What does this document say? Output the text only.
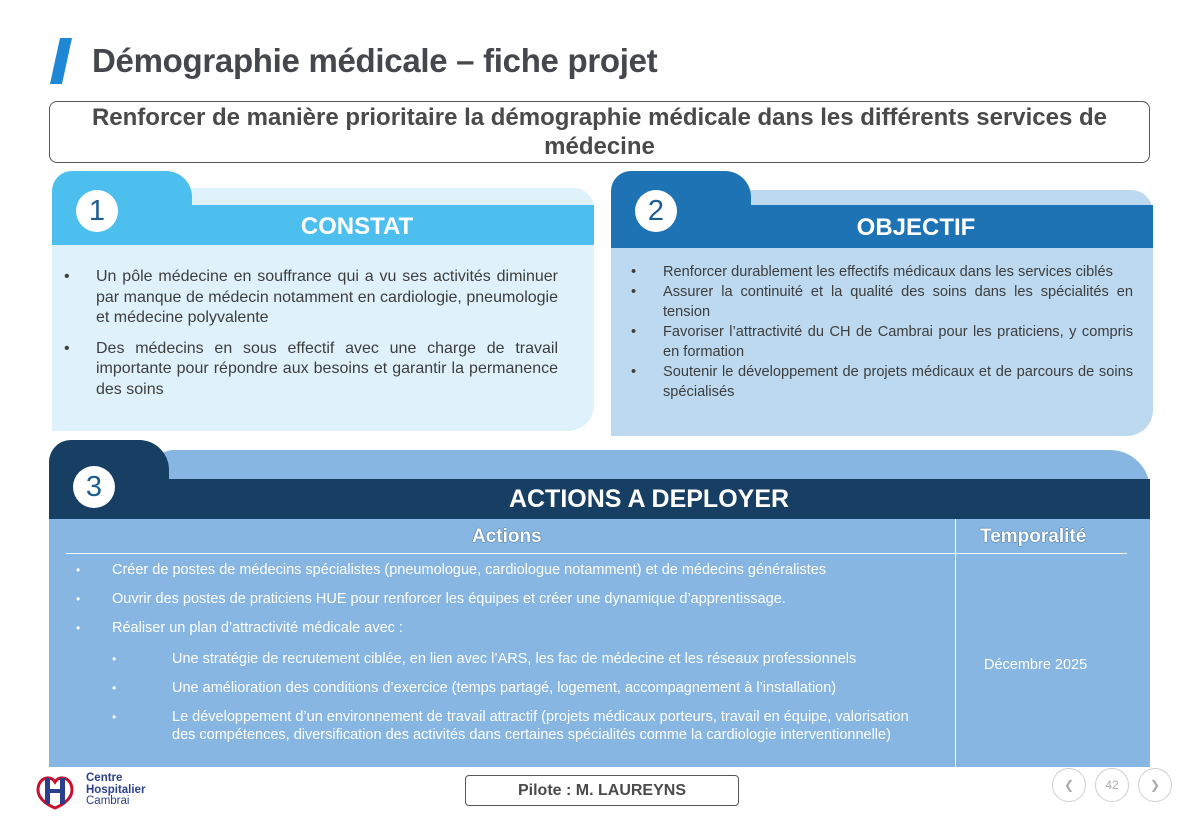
Démographie médicale – fiche projet
Renforcer de manière prioritaire la démographie médicale dans les différents services de médecine
1	CONSTAT
• Un pôle médecine en souffrance qui a vu ses activités diminuer par manque de médecin notamment en cardiologie, pneumologie et médecine polyvalente
• Des médecins en sous effectif avec une charge de travail importante pour répondre aux besoins et garantir la permanence des soins
2
OBJECTIF
• Renforcer durablement les effectifs médicaux dans les services ciblés
• Assurer la continuité et la qualité des soins dans les spécialités en tension
• Favoriser l’attractivité du CH de Cambrai pour les praticiens, y compris en formation
• Soutenir le développement de projets médicaux et de parcours de soins spécialisés
3	ACTIONS A DEPLOYER
Actions	Temporalité
• Créer de postes de médecins spécialistes (pneumologue, cardiologue notamment) et de médecins généralistes
• Ouvrir des postes de praticiens HUE pour renforcer les équipes et créer une dynamique d’apprentissage.
• Réaliser un plan d’attractivité médicale avec :
• Une stratégie de recrutement ciblée, en lien avec l’ARS, les fac de médecine et les réseaux professionnels
• Une amélioration des conditions d’exercice (temps partagé, logement, accompagnement à l’installation)
• Le développement d’un environnement de travail attractif (projets médicaux porteurs, travail en équipe, valorisation des compétences, diversification des activités dans certaines spécialités comme la cardiologie interventionnelle)
Décembre 2025
Centre
Hospitalier
Cambrai
Pilote : M. LAUREYNS	❮	42	❯
